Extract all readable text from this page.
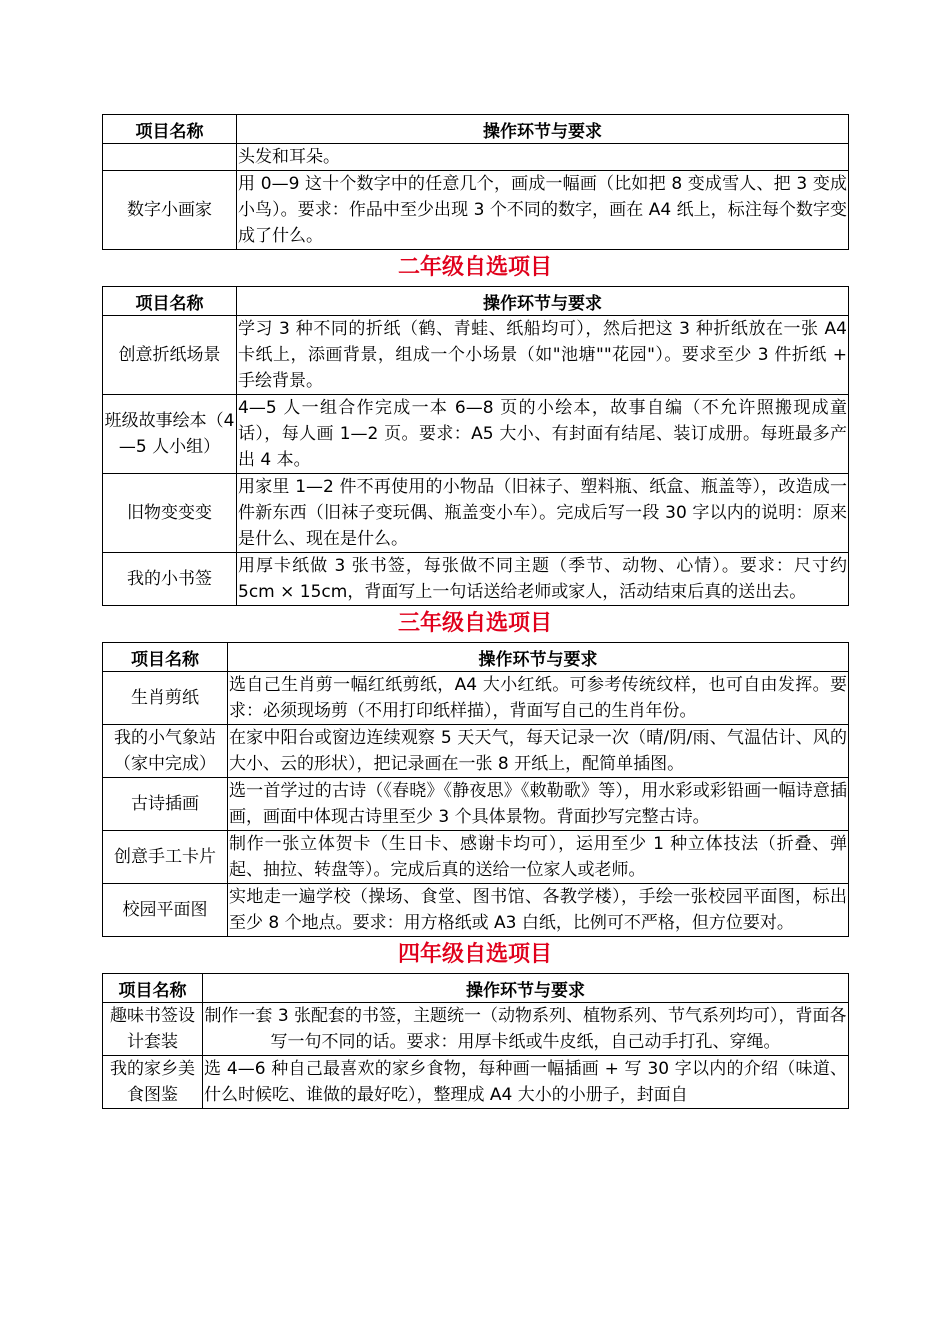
项目名称	操作环节与要求
	头发和耳朵。
数字小画家	用 0—9 这十个数字中的任意几个，画成一幅画（比如把 8 变成雪人、把 3 变成小鸟）。要求：作品中至少出现 3 个不同的数字，画在 A4 纸上，标注每个数字变成了什么。
二年级自选项目
项目名称	操作环节与要求
创意折纸场景	学习 3 种不同的折纸（鹤、青蛙、纸船均可），然后把这 3 种折纸放在一张 A4 卡纸上，添画背景，组成一个小场景（如"池塘""花园"）。要求至少 3 件折纸 + 手绘背景。
班级故事绘本（4—5 人小组）	4—5 人一组合作完成一本 6—8 页的小绘本，故事自编（不允许照搬现成童话），每人画 1—2 页。要求：A5 大小、有封面有结尾、装订成册。每班最多产出 4 本。
旧物变变变	用家里 1—2 件不再使用的小物品（旧袜子、塑料瓶、纸盒、瓶盖等），改造成一件新东西（旧袜子变玩偶、瓶盖变小车）。完成后写一段 30 字以内的说明：原来是什么、现在是什么。
我的小书签	用厚卡纸做 3 张书签，每张做不同主题（季节、动物、心情）。要求：尺寸约 5cm × 15cm，背面写上一句话送给老师或家人，活动结束后真的送出去。
三年级自选项目
项目名称	操作环节与要求
生肖剪纸	选自己生肖剪一幅红纸剪纸，A4 大小红纸。可参考传统纹样，也可自由发挥。要求：必须现场剪（不用打印纸样描），背面写自己的生肖年份。
我的小气象站（家中完成）	在家中阳台或窗边连续观察 5 天天气，每天记录一次（晴/阴/雨、气温估计、风的大小、云的形状），把记录画在一张 8 开纸上，配简单插图。
古诗插画	选一首学过的古诗（《春晓》《静夜思》《敕勒歌》等），用水彩或彩铅画一幅诗意插画，画面中体现古诗里至少 3 个具体景物。背面抄写完整古诗。
创意手工卡片	制作一张立体贺卡（生日卡、感谢卡均可），运用至少 1 种立体技法（折叠、弹起、抽拉、转盘等）。完成后真的送给一位家人或老师。
校园平面图	实地走一遍学校（操场、食堂、图书馆、各教学楼），手绘一张校园平面图，标出至少 8 个地点。要求：用方格纸或 A3 白纸，比例可不严格，但方位要对。
四年级自选项目
项目名称	操作环节与要求
趣味书签设计套装	制作一套 3 张配套的书签，主题统一（动物系列、植物系列、节气系列均可），背面各写一句不同的话。要求：用厚卡纸或牛皮纸，自己动手打孔、穿绳。
我的家乡美食图鉴	选 4—6 种自己最喜欢的家乡食物，每种画一幅插画 + 写 30 字以内的介绍（味道、什么时候吃、谁做的最好吃），整理成 A4 大小的小册子，封面自
